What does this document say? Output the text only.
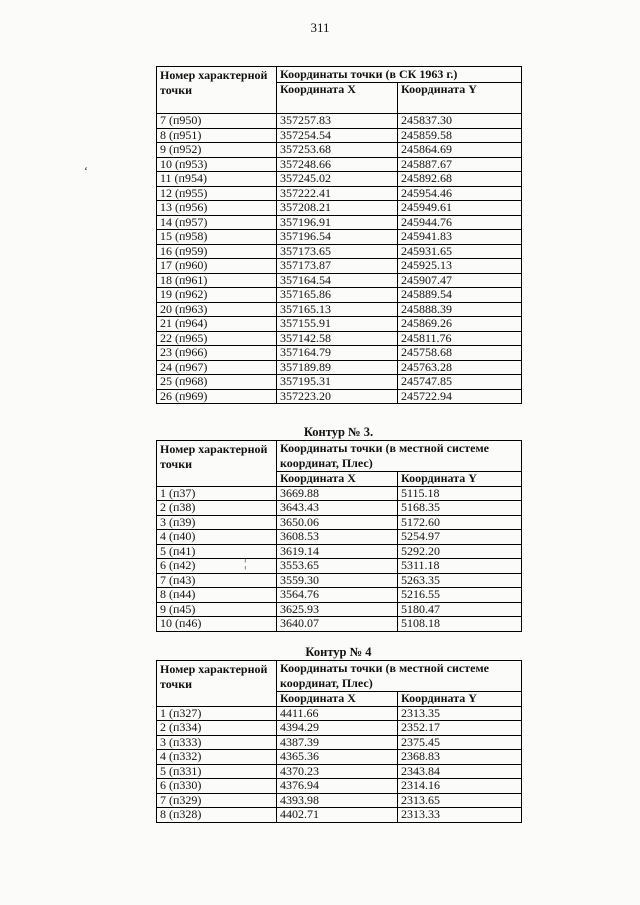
311
‘
¦
Номер характерной точки	Координаты точки (в СК 1963 г.)	
	Координата X	Координата Y
7 (п950)	357257.83	245837.30
8 (п951)	357254.54	245859.58
9 (п952)	357253.68	245864.69
10 (п953)	357248.66	245887.67
11 (п954)	357245.02	245892.68
12 (п955)	357222.41	245954.46
13 (п956)	357208.21	245949.61
14 (п957)	357196.91	245944.76
15 (п958)	357196.54	245941.83
16 (п959)	357173.65	245931.65
17 (п960)	357173.87	245925.13
18 (п961)	357164.54	245907.47
19 (п962)	357165.86	245889.54
20 (п963)	357165.13	245888.39
21 (п964)	357155.91	245869.26
22 (п965)	357142.58	245811.76
23 (п966)	357164.79	245758.68
24 (п967)	357189.89	245763.28
25 (п968)	357195.31	245747.85
26 (п969)	357223.20	245722.94
Контур № 3.
Номер характерной точки	Координаты точки (в местной системе координат, Плес)	
	Координата X	Координата Y
1 (п37)	3669.88	5115.18
2 (п38)	3643.43	5168.35
3 (п39)	3650.06	5172.60
4 (п40)	3608.53	5254.97
5 (п41)	3619.14	5292.20
6 (п42)	3553.65	5311.18
7 (п43)	3559.30	5263.35
8 (п44)	3564.76	5216.55
9 (п45)	3625.93	5180.47
10 (п46)	3640.07	5108.18
Контур № 4
Номер характерной точки	Координаты точки (в местной системе координат, Плес)	
	Координата X	Координата Y
1 (п327)	4411.66	2313.35
2 (п334)	4394.29	2352.17
3 (п333)	4387.39	2375.45
4 (п332)	4365.36	2368.83
5 (п331)	4370.23	2343.84
6 (п330)	4376.94	2314.16
7 (п329)	4393.98	2313.65
8 (п328)	4402.71	2313.33
